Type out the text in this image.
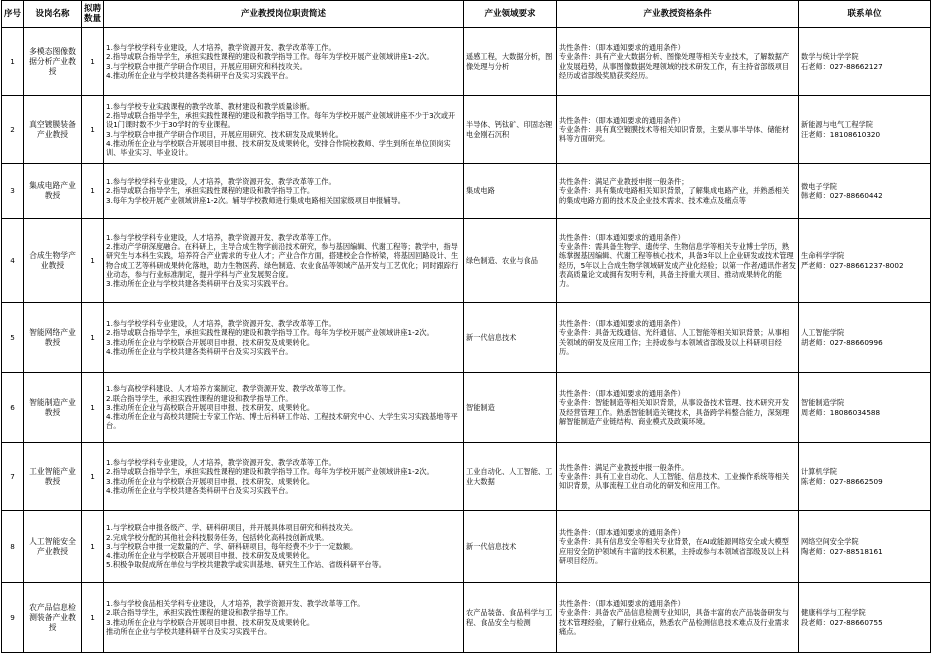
序号	设岗名称	拟聘数量	产业教授岗位职责简述	产业领域要求	产业教授资格条件	联系单位
1	多模态图像数据分析产业教授	1	1.参与学校学科专业建设，人才培养，教学资源开发、教学改革等工作。
2.指导或联合指导学生，承担实践性课程的建设和教学指导工作。每年为学校开展产业领域讲座1-2次。
3.与学校联合申报产学研合作项目，开展应用研究和科技攻关。
4.推动所在企业与学校共建各类科研平台及实习实践平台。	遥感工程，大数据分析，图像处理与分析	共性条件：（即本通知要求的通用条件）
专业条件：具有产业大数据分析、图像处理等相关专业技术，了解数据产业发展趋势，从事图像数据处理领域的技术研发工作，有主持省部级项目经历或省部级奖励获奖经历。	数学与统计学学院
石老师：027-88662127

2	真空镀膜装备产业教授	1	1.参与学校专业实践课程的教学改革、教材建设和教学质量诊断。
2.指导或联合指导学生，承担实践性课程的建设和教学指导工作。每年为学校开展产业领域讲座不少于3次或开设1门课时数不少于30学时的专业课程。
3.与学校联合申报产学研合作项目，开展应用研究、技术研发及成果转化。
4.推动所在企业与学校联合开展项目申报、技术研发及成果转化，安排合作院校教师、学生到所在单位顶岗实训、毕业实习、毕业设计。	半导体、钙钛矿、印固态锂电金刚石沉积	共性条件：（即本通知要求的通用条件）
专业条件：具有真空镀膜技术等相关知识背景，主要从事半导体、储能材料等方面研究。	新能源与电气工程学院
汪老师：18108610320

3	集成电路产业教授	1	1.参与学校学科专业建设，人才培养，教学资源开发、教学改革等工作。
2.指导或联合指导学生，承担实践性课程的建设和教学指导工作。
3.每年为学校开展产业领域讲座1-2次。辅导学校教师进行集成电路相关国家级项目申报辅导。	集成电路	共性条件：满足产业教授申报一般条件；
专业条件：具有集成电路相关知识背景，了解集成电路产业，并熟悉相关的集成电路方面的技术及企业技术需求、技术难点及痛点等	微电子学院
韩老师：027-88660442

4	合成生物学产业教授	1	1.参与学校学科专业建设，人才培养，教学资源开发、教学改革等工作。
2.推动产学研深度融合。在科研上，主导合成生物学前沿技术研究，参与基因编辑、代谢工程等；教学中，指导研究生与本科生实践，培养符合产业需求的专业人才；产业合作方面，搭建校企合作桥梁，将基因回路设计、生物合成工艺等科研成果转化落地，助力生物医药、绿色制造、农业食品等领域产品开发与工艺优化；同时跟踪行业动态，参与行业标准制定，提升学科与产业发展契合度。
3.推动所在企业与学校共建各类科研平台及实习实践平台。	绿色制造、农业与食品	共性条件：（即本通知要求的通用条件）
专业条件：需具备生物学、遗传学、生物信息学等相关专业博士学历，熟练掌握基因编辑、代谢工程等核心技术，具备3年以上企业研发或技术管理经历，5年以上合成生物学领域研发成产业化经验；以第一作者/通讯作者发表高质量论文或拥有发明专利，具备主持重大项目、推动成果转化的能力。	生命科学学院
严老师：027-88661237-8002

5	智能网络产业教授	1	1.参与学校学科专业建设，人才培养，教学资源开发、教学改革等工作。
2.指导或联合指导学生，承担实践性课程的建设和教学指导工作。每年为学校开展产业领域讲座1-2次。
3.推动所在企业与学校联合开展项目申报、技术研发及成果转化。
4.推动所在企业与学校共建各类科研平台及实习实践平台。	新一代信息技术	共性条件：（即本通知要求的通用条件）
专业条件：具备无线通信、光纤通信、人工智能等相关知识背景；从事相关领域的研发及应用工作；主持或参与本领域省部级及以上科研项目经历。	人工智能学院
胡老师：027-88660996

6	智能制造产业教授	1	1.参与高校学科建设、人才培养方案制定、教学资源开发、教学改革等工作。
2.联合指导学生，承担实践性课程的建设和教学指导工作。
3.推动所在企业与高校联合开展项目申报、技术研发、成果转化。
4.推动所在企业与高校共建院士专家工作站、博士后科研工作站、工程技术研究中心、大学生实习实践基地等平台。	智能制造	共性条件：（即本通知要求的通用条件）
专业条件：智能制造等相关知识背景，从事设备技术管理、技术研究开发及经营管理工作。熟悉智能制造关键技术，具备跨学科整合能力，深刻理解智能制造产业链结构、商业模式及政策环境。	智能制造学院
周老师：18086034588

7	工业智能产业教授	1	1.参与学校学科专业建设，人才培养，教学资源开发、教学改革等工作。
2.指导或联合指导学生，承担实践性课程的建设和教学指导工作。每年为学校开展产业领域讲座1-2次。
3.推动所在企业与学校联合开展项目申报、技术研发、成果转化。
4.推动所在企业与学校共建各类科研平台及实习实践平台。	工业自动化、人工智能、工业大数据	共性条件：满足产业教授申报一般条件。
专业条件：具有工业自动化、人工智能、信息技术、工业操作系统等相关知识背景，从事流程工业自动化的研发和应用工作。	计算机学院
陈老师：027-88662509

8	人工智能安全产业教授	1	1.与学校联合申报各级产、学、研科研项目，并开展具体项目研究和科技攻关。
2.完成学校分配的其他社会科技服务任务，包括转化高科技创新成果。
3.与学校联合申报一定数量的产、学、研科研项目，每年经费不少于一定数额。
4.推动所在企业与学校联合开展项目申报、技术研发及成果转化。
5.积极争取促成所在单位与学校共建教学或实训基地、研究生工作站、省级科研平台等。	新一代信息技术	共性条件：（即本通知要求的通用条件）
专业条件：具有信息安全等相关专业背景，在AI或能源网络安全或大模型应用安全防护领域有丰富的技术积累，主持或参与本领域省部级及以上科研项目经历。	网络空间安全学院
陶老师：027-88518161

9	农产品信息检测装备产业教授	1	1.参与学校食品相关学科专业建设，人才培养，教学资源开发、教学改革等工作。
2.联合指导学生，承担实践性课程的建设和教学指导工作。
3.推动所在企业与学校联合开展项目申报、技术研发及成果转化。
推动所在企业与学校共建科研平台及实习实践平台。	农产品装备、食品科学与工程、食品安全与检测	共性条件：（即本通知要求的通用条件）
专业条件：具备农产品信息检测专业知识，具备丰富的农产品装备研发与技术管理经验，了解行业痛点，熟悉农产品检测信息技术难点及行业需求痛点。	健康科学与工程学院
段老师：027-88660755
